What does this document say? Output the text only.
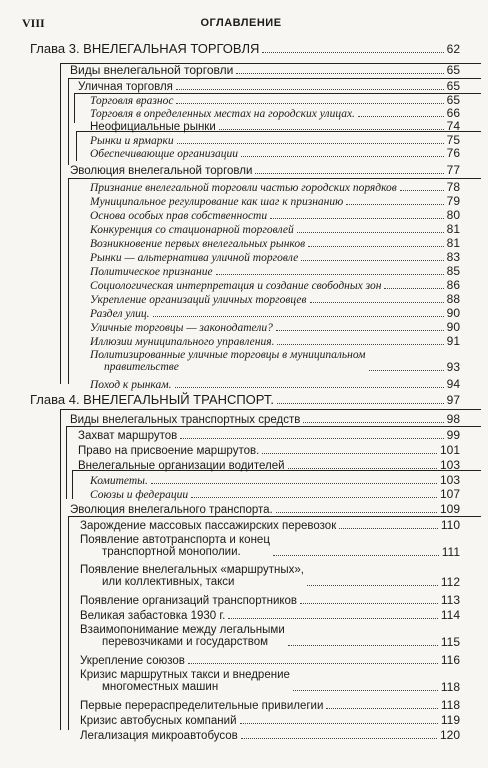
VIII	ОГЛАВЛЕНИЕ
Глава 3. ВНЕЛЕГАЛЬНАЯ ТОРГОВЛЯ	62
Виды внелегальной торговли	65
Уличная торговля	65
Торговля вразнос	65
Торговля в определенных местах на городских улицах.	66
Неофициальные рынки	74
Рынки и ярмарки	75
Обеспечивающие организации	76
Эволюция внелегальной торговли	77
Признание внелегальной торговли частью городских порядков	78
Муниципальное регулирование как шаг к признанию	79
Основа особых прав собственности	80
Конкуренция со стационарной торговлей	81
Возникновение первых внелегальных рынков	81
Рынки — альтернатива уличной торговле	83
Политическое признание	85
Социологическая интерпретация и создание свободных зон	86
Укрепление организаций уличных торговцев	88
Раздел улиц.	90
Уличные торговцы — законодатели?	90
Иллюзии муниципального управления.	91
Политизированные уличные торговцы в муниципальном
правительстве	93
Поход к рынкам.	94
Глава 4. ВНЕЛЕГАЛЬНЫЙ ТРАНСПОРТ.	97
Виды внелегальных транспортных средств	98
Захват маршрутов	99
Право на присвоение маршрутов.	101
Внелегальные организации водителей	103
Комитеты.	103
Союзы и федерации	107
Эволюция внелегального транспорта.	109
Зарождение массовых пассажирских перевозок	110
Появление автотранспорта и конец
транспортной монополии.	111
Появление внелегальных «маршрутных»,
или коллективных, такси	112
Появление организаций транспортников	113
Великая забастовка 1930 г.	114
Взаимопонимание между легальными
перевозчиками и государством	115
Укрепление союзов	116
Кризис маршрутных такси и внедрение
многоместных машин	118
Первые перераспределительные привилегии	118
Кризис автобусных компаний	119
Легализация микроавтобусов	120
